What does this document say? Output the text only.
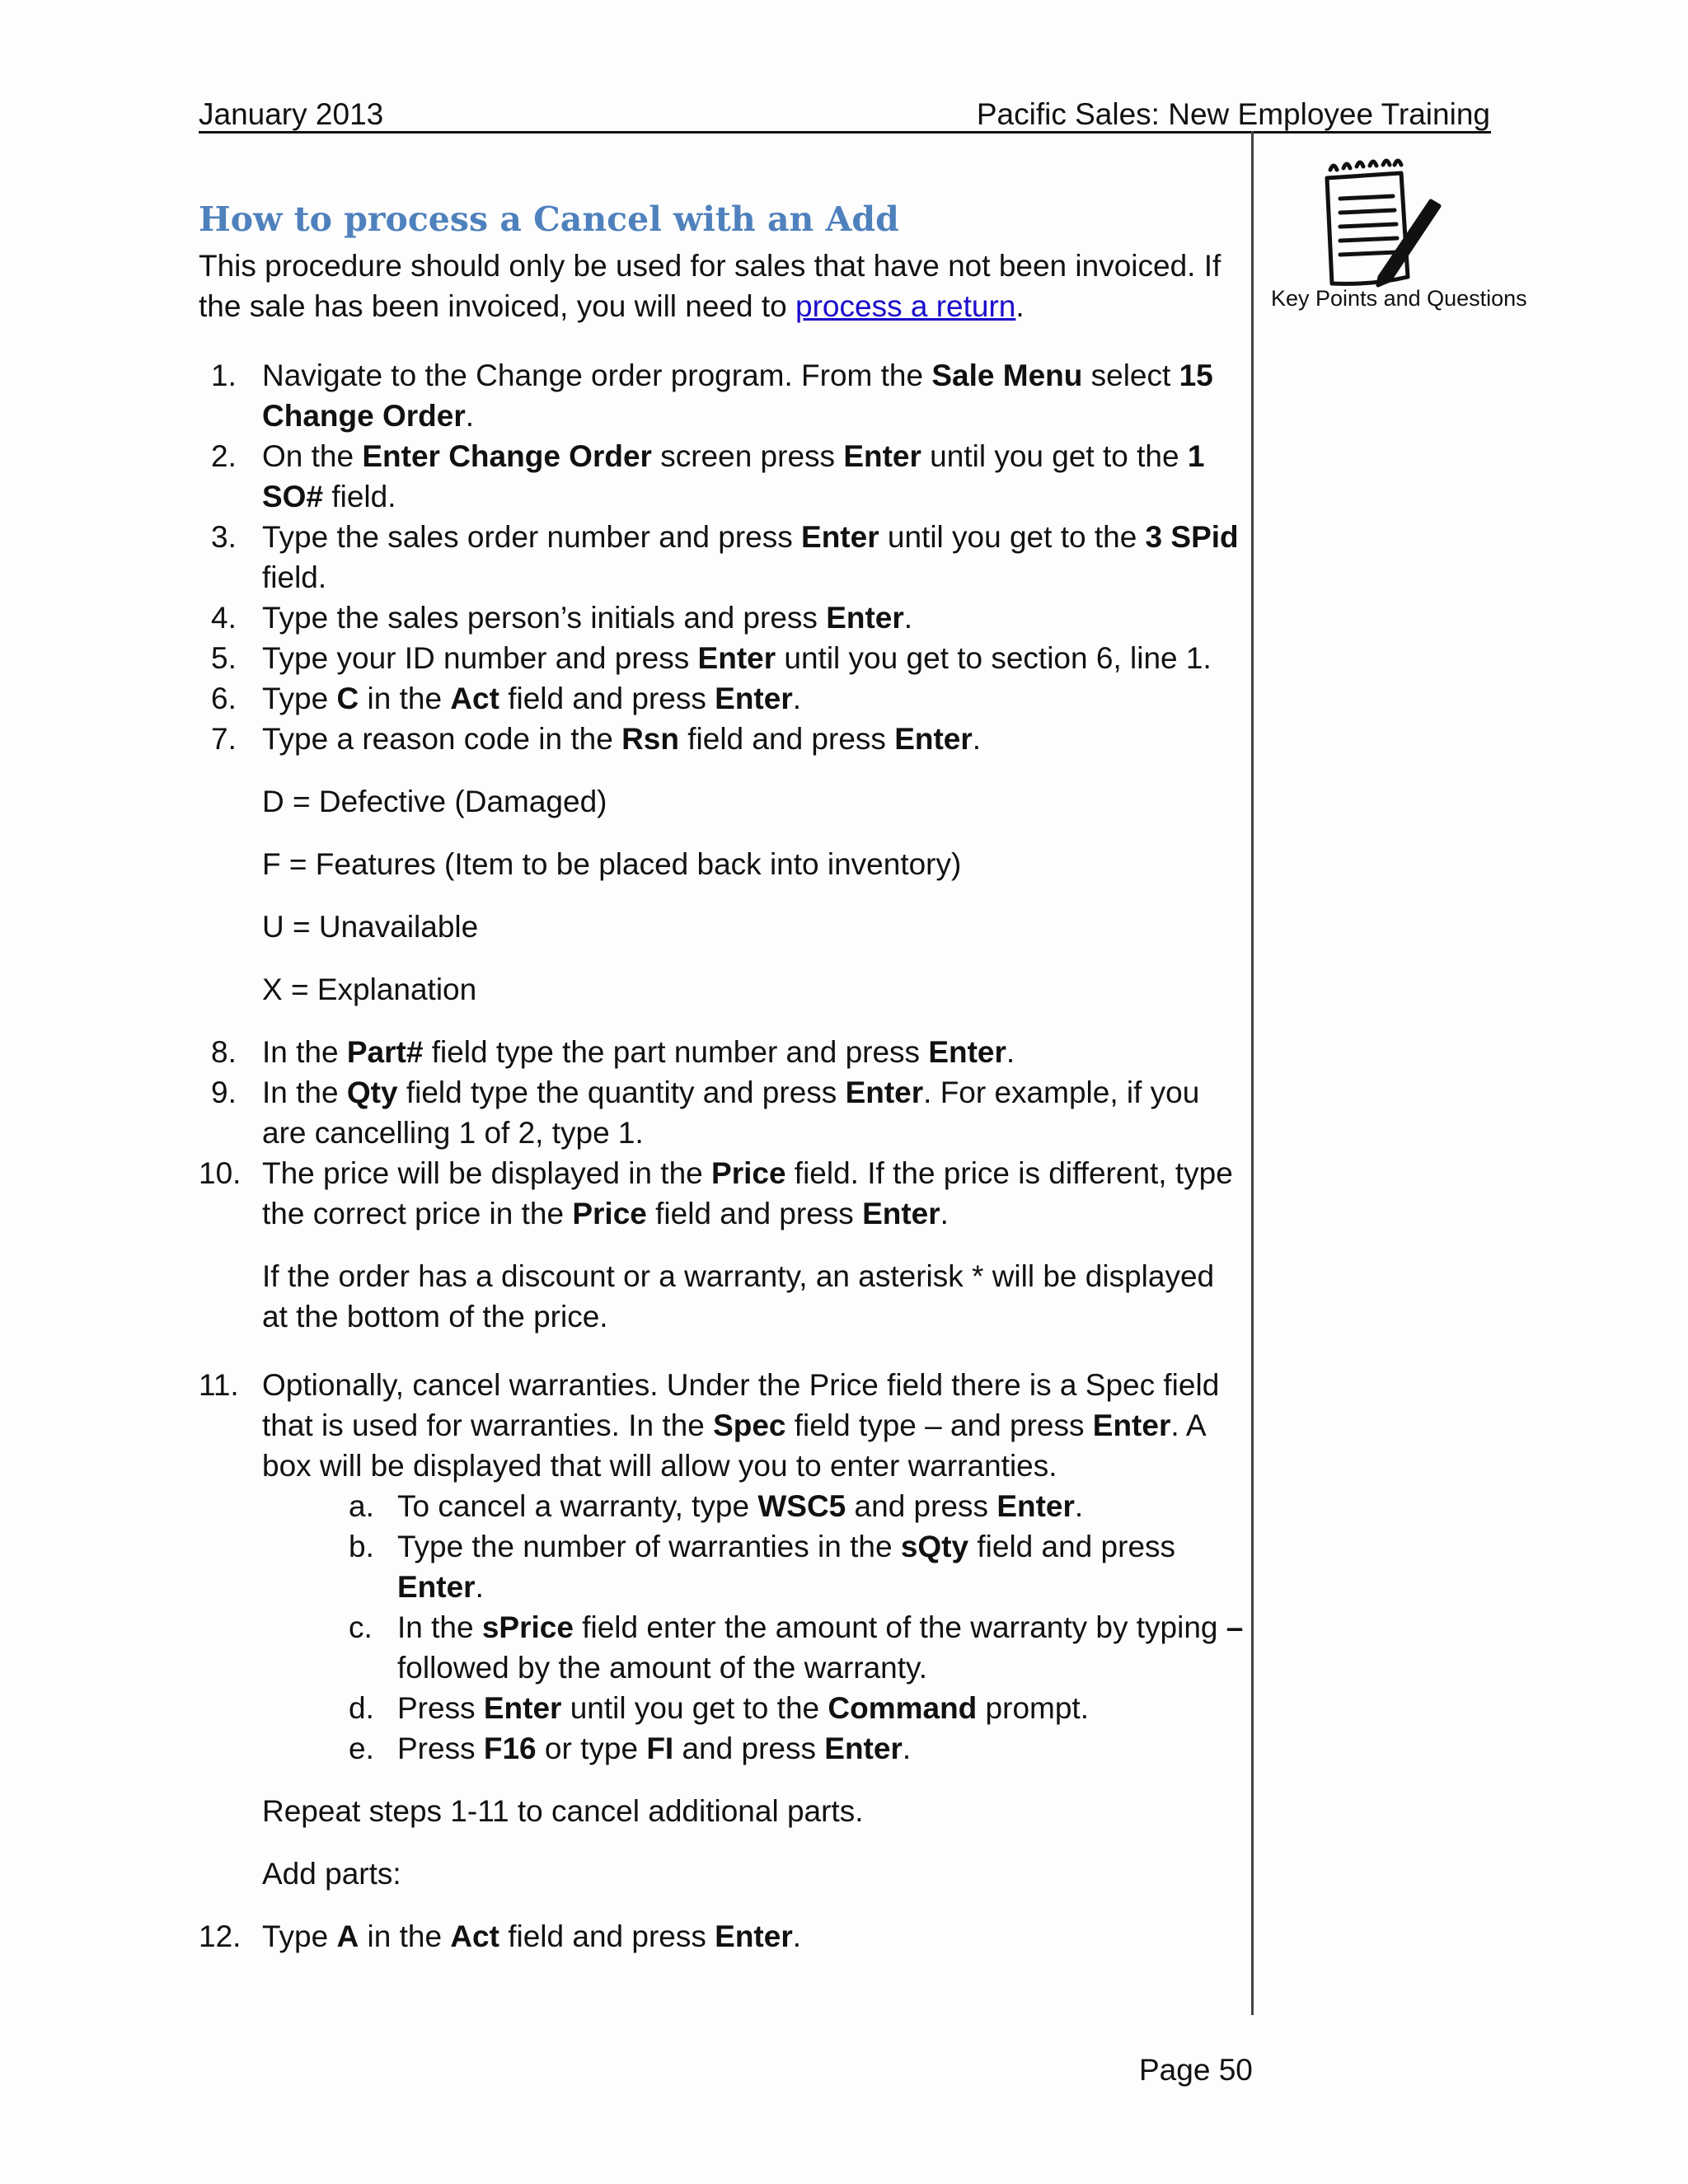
January 2013	Pacific Sales: New Employee Training
Key Points and Questions
How to process a Cancel with an Add

This procedure should only be used for sales that have not been invoiced. If the sale has been invoiced, you will need to process a return.

1. Navigate to the Change order program. From the Sale Menu select 15 Change Order.
2. On the Enter Change Order screen press Enter until you get to the 1 SO# field.
3. Type the sales order number and press Enter until you get to the 3 SPid field.
4. Type the sales person’s initials and press Enter.
5. Type your ID number and press Enter until you get to section 6, line 1.
6. Type C in the Act field and press Enter.
7. Type a reason code in the Rsn field and press Enter.

D = Defective (Damaged)

F = Features (Item to be placed back into inventory)

U = Unavailable

X = Explanation

8. In the Part# field type the part number and press Enter.
9. In the Qty field type the quantity and press Enter. For example, if you are cancelling 1 of 2, type 1.
10. The price will be displayed in the Price field. If the price is different, type the correct price in the Price field and press Enter.

If the order has a discount or a warranty, an asterisk * will be displayed at the bottom of the price.

11. Optionally, cancel warranties. Under the Price field there is a Spec field that is used for warranties. In the Spec field type – and press Enter. A box will be displayed that will allow you to enter warranties.
a. To cancel a warranty, type WSC5 and press Enter.
b. Type the number of warranties in the sQty field and press Enter.
c. In the sPrice field enter the amount of the warranty by typing – followed by the amount of the warranty.
d. Press Enter until you get to the Command prompt.
e. Press F16 or type FI and press Enter.

Repeat steps 1-11 to cancel additional parts.

Add parts:

12. Type A in the Act field and press Enter.
Page 50
